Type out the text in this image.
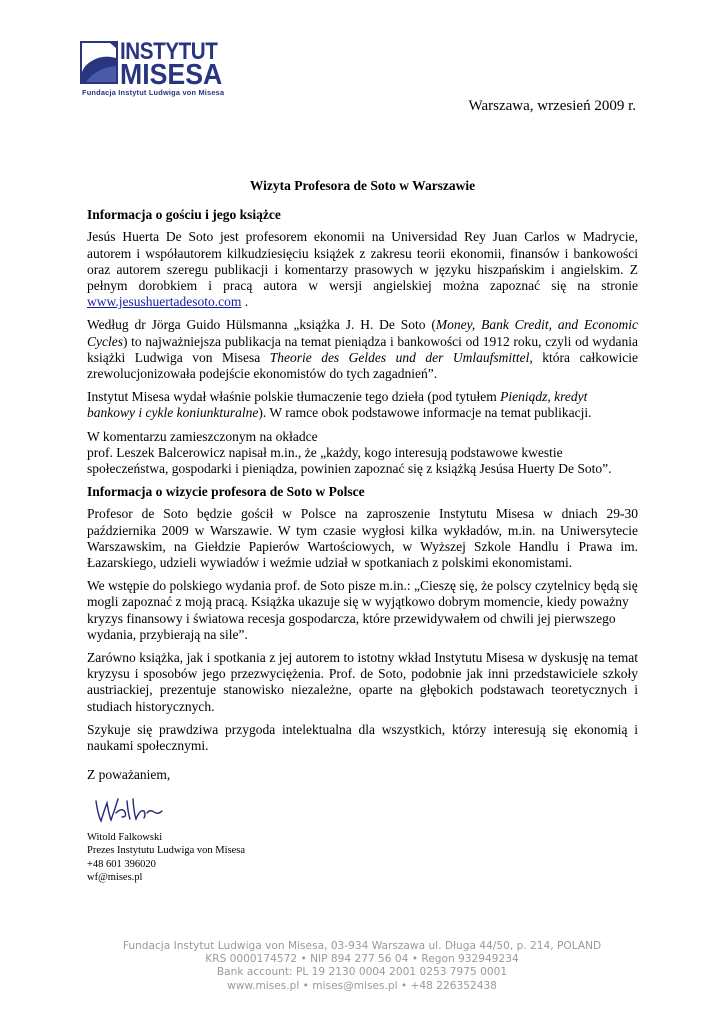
INSTYTUT
MISESA
Fundacja Instytut Ludwiga von Misesa
Warszawa, wrzesień 2009 r.
Wizyta Profesora de Soto w Warszawie
Informacja o gościu i jego książce

Jesús Huerta De Soto jest profesorem ekonomii na Universidad Rey Juan Carlos w Madrycie, autorem i współautorem kilkudziesięciu książek z zakresu teorii ekonomii, finansów i bankowości oraz autorem szeregu publikacji i komentarzy prasowych w języku hiszpańskim i angielskim. Z pełnym dorobkiem i pracą autora w wersji angielskiej można zapoznać się na stronie www.jesushuertadesoto.com .

Według dr Jörga Guido Hülsmanna „książka J. H. De Soto (Money, Bank Credit, and Economic Cycles) to najważniejsza publikacja na temat pieniądza i bankowości od 1912 roku, czyli od wydania książki Ludwiga von Misesa Theorie des Geldes und der Umlaufsmittel, która całkowicie zrewolucjonizowała podejście ekonomistów do tych zagadnień”.

Instytut Misesa wydał właśnie polskie tłumaczenie tego dzieła (pod tytułem Pieniądz, kredyt bankowy i cykle koniunkturalne). W ramce obok podstawowe informacje na temat publikacji.

W komentarzu zamieszczonym na okładce
prof. Leszek Balcerowicz napisał m.in., że „każdy, kogo interesują podstawowe kwestie
społeczeństwa, gospodarki i pieniądza, powinien zapoznać się z książką Jesúsa Huerty De Soto”.

Informacja o wizycie profesora de Soto w Polsce

Profesor de Soto będzie gościł w Polsce na zaproszenie Instytutu Misesa w dniach 29-30 października 2009 w Warszawie. W tym czasie wygłosi kilka wykładów, m.in. na Uniwersytecie Warszawskim, na Giełdzie Papierów Wartościowych, w Wyższej Szkole Handlu i Prawa im. Łazarskiego, udzieli wywiadów i weźmie udział w spotkaniach z polskimi ekonomistami.

We wstępie do polskiego wydania prof. de Soto pisze m.in.: „Cieszę się, że polscy czytelnicy będą się
mogli zapoznać z moją pracą. Książka ukazuje się w wyjątkowo dobrym momencie, kiedy poważny
kryzys finansowy i światowa recesja gospodarcza, które przewidywałem od chwili jej pierwszego
wydania, przybierają na sile”.

Zarówno książka, jak i spotkania z jej autorem to istotny wkład Instytutu Misesa w dyskusję na temat kryzysu i sposobów jego przezwyciężenia. Prof. de Soto, podobnie jak inni przedstawiciele szkoły austriackiej, prezentuje stanowisko niezależne, oparte na głębokich podstawach teoretycznych i studiach historycznych.

Szykuje się prawdziwa przygoda intelektualna dla wszystkich, którzy interesują się ekonomią i naukami społecznymi.

Z poważaniem,
Witold Falkowski
Prezes Instytutu Ludwiga von Misesa
+48 601 396020
wf@mises.pl
Fundacja Instytut Ludwiga von Misesa, 03-934 Warszawa ul. Długa 44/50, p. 214, POLAND
KRS 0000174572 • NIP 894 277 56 04 • Regon 932949234
Bank account: PL 19 2130 0004 2001 0253 7975 0001
www.mises.pl • mises@mises.pl • +48 226352438
